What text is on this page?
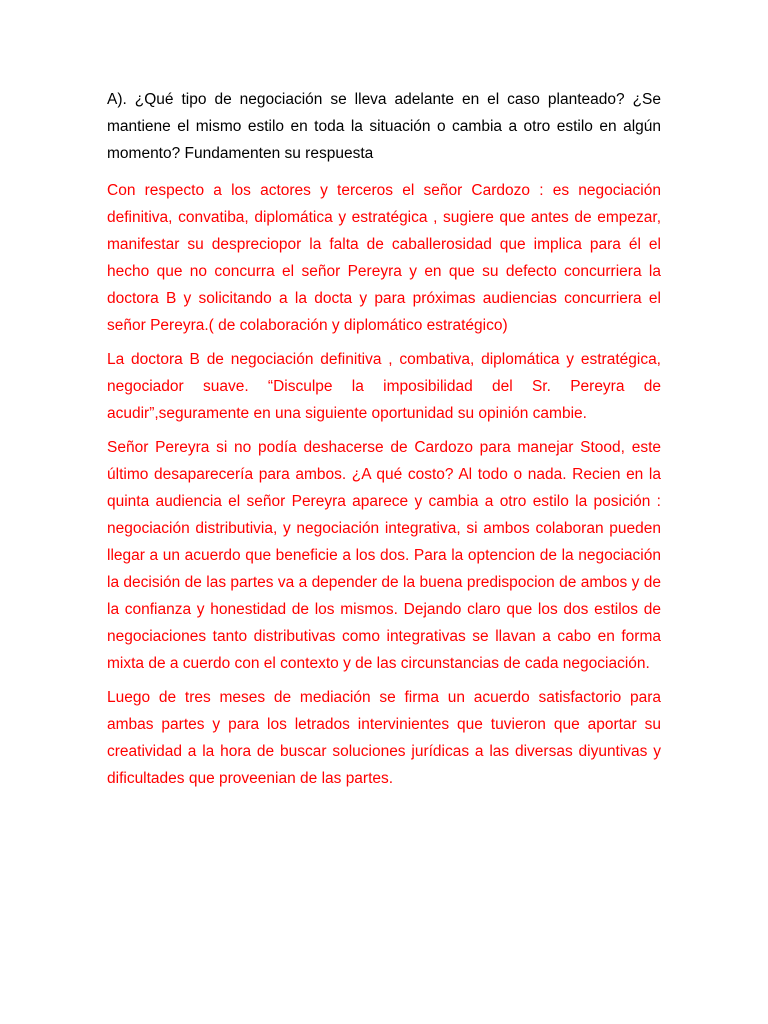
A). ¿Qué tipo de negociación se lleva adelante en el caso planteado? ¿Se mantiene el mismo estilo en toda la situación o cambia a otro estilo en algún momento? Fundamenten su respuesta

Con respecto a los actores y terceros el señor Cardozo : es negociación definitiva, convatiba, diplomática y estratégica , sugiere que antes de empezar, manifestar su despreciopor la falta de caballerosidad que implica para él el hecho que no concurra el señor Pereyra y en que su defecto concurriera la doctora B y solicitando a la docta y para próximas audiencias concurriera el señor Pereyra.( de colaboración y diplomático estratégico)

La doctora B de negociación definitiva , combativa, diplomática y estratégica, negociador suave. “Disculpe la imposibilidad del Sr. Pereyra de acudir”,seguramente en una siguiente oportunidad su opinión cambie.

Señor Pereyra si no podía deshacerse de Cardozo para manejar Stood, este último desaparecería para ambos. ¿A qué costo? Al todo o nada. Recien en la quinta audiencia el señor Pereyra aparece y cambia a otro estilo la posición : negociación distributivia, y negociación integrativa, si ambos colaboran pueden llegar a un acuerdo que beneficie a los dos. Para la optencion de la negociación la decisión de las partes va a depender de la buena predispocion de ambos y de la confianza y honestidad de los mismos. Dejando claro que los dos estilos de negociaciones tanto distributivas como integrativas se llavan a cabo en forma mixta de a cuerdo con el contexto y de las circunstancias de cada negociación.

Luego de tres meses de mediación se firma un acuerdo satisfactorio para ambas partes y para los letrados intervinientes que tuvieron que aportar su creatividad a la hora de buscar soluciones jurídicas a las diversas diyuntivas y dificultades que proveenian de las partes.
